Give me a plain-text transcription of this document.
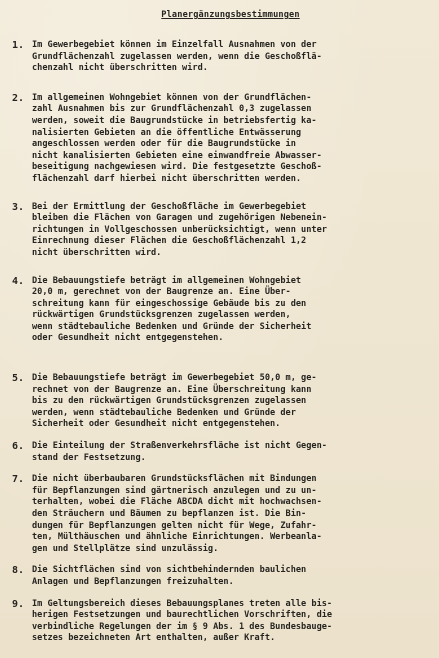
Planergänzungsbestimmungen
1. Im Gewerbegebiet können im Einzelfall Ausnahmen von der
Grundflächenzahl zugelassen werden, wenn die Geschoßflä-
chenzahl nicht überschritten wird.
2. Im allgemeinen Wohngebiet können von der Grundflächen-
zahl Ausnahmen bis zur Grundflächenzahl 0,3 zugelassen
werden, soweit die Baugrundstücke in betriebsfertig ka-
nalisierten Gebieten an die öffentliche Entwässerung
angeschlossen werden oder für die Baugrundstücke in
nicht kanalisierten Gebieten eine einwandfreie Abwasser-
beseitigung nachgewiesen wird. Die festgesetzte Geschoß-
flächenzahl darf hierbei nicht überschritten werden.
3. Bei der Ermittlung der Geschoßfläche im Gewerbegebiet
bleiben die Flächen von Garagen und zugehörigen Nebenein-
richtungen in Vollgeschossen unberücksichtigt, wenn unter
Einrechnung dieser Flächen die Geschoßflächenzahl 1,2
nicht überschritten wird.
4. Die Bebauungstiefe beträgt im allgemeinen Wohngebiet
20,0 m, gerechnet von der Baugrenze an. Eine Über-
schreitung kann für eingeschossige Gebäude bis zu den
rückwärtigen Grundstücksgrenzen zugelassen werden,
wenn städtebauliche Bedenken und Gründe der Sicherheit
oder Gesundheit nicht entgegenstehen.
5. Die Bebauungstiefe beträgt im Gewerbegebiet 50,0 m, ge-
rechnet von der Baugrenze an. Eine Überschreitung kann
bis zu den rückwärtigen Grundstücksgrenzen zugelassen
werden, wenn städtebauliche Bedenken und Gründe der
Sicherheit oder Gesundheit nicht entgegenstehen.
6. Die Einteilung der Straßenverkehrsfläche ist nicht Gegen-
stand der Festsetzung.
7. Die nicht überbaubaren Grundstücksflächen mit Bindungen
für Bepflanzungen sind gärtnerisch anzulegen und zu un-
terhalten, wobei die Fläche ABCDA dicht mit hochwachsen-
den Sträuchern und Bäumen zu bepflanzen ist. Die Bin-
dungen für Bepflanzungen gelten nicht für Wege, Zufahr-
ten, Mülthäuschen und ähnliche Einrichtungen. Werbeanla-
gen und Stellplätze sind unzulässig.
8. Die Sichtflächen sind von sichtbehindernden baulichen
Anlagen und Bepflanzungen freizuhalten.
9. Im Geltungsbereich dieses Bebauungsplanes treten alle bis-
herigen Festsetzungen und baurechtlichen Vorschriften, die
verbindliche Regelungen der im § 9 Abs. 1 des Bundesbauge-
setzes bezeichneten Art enthalten, außer Kraft.
